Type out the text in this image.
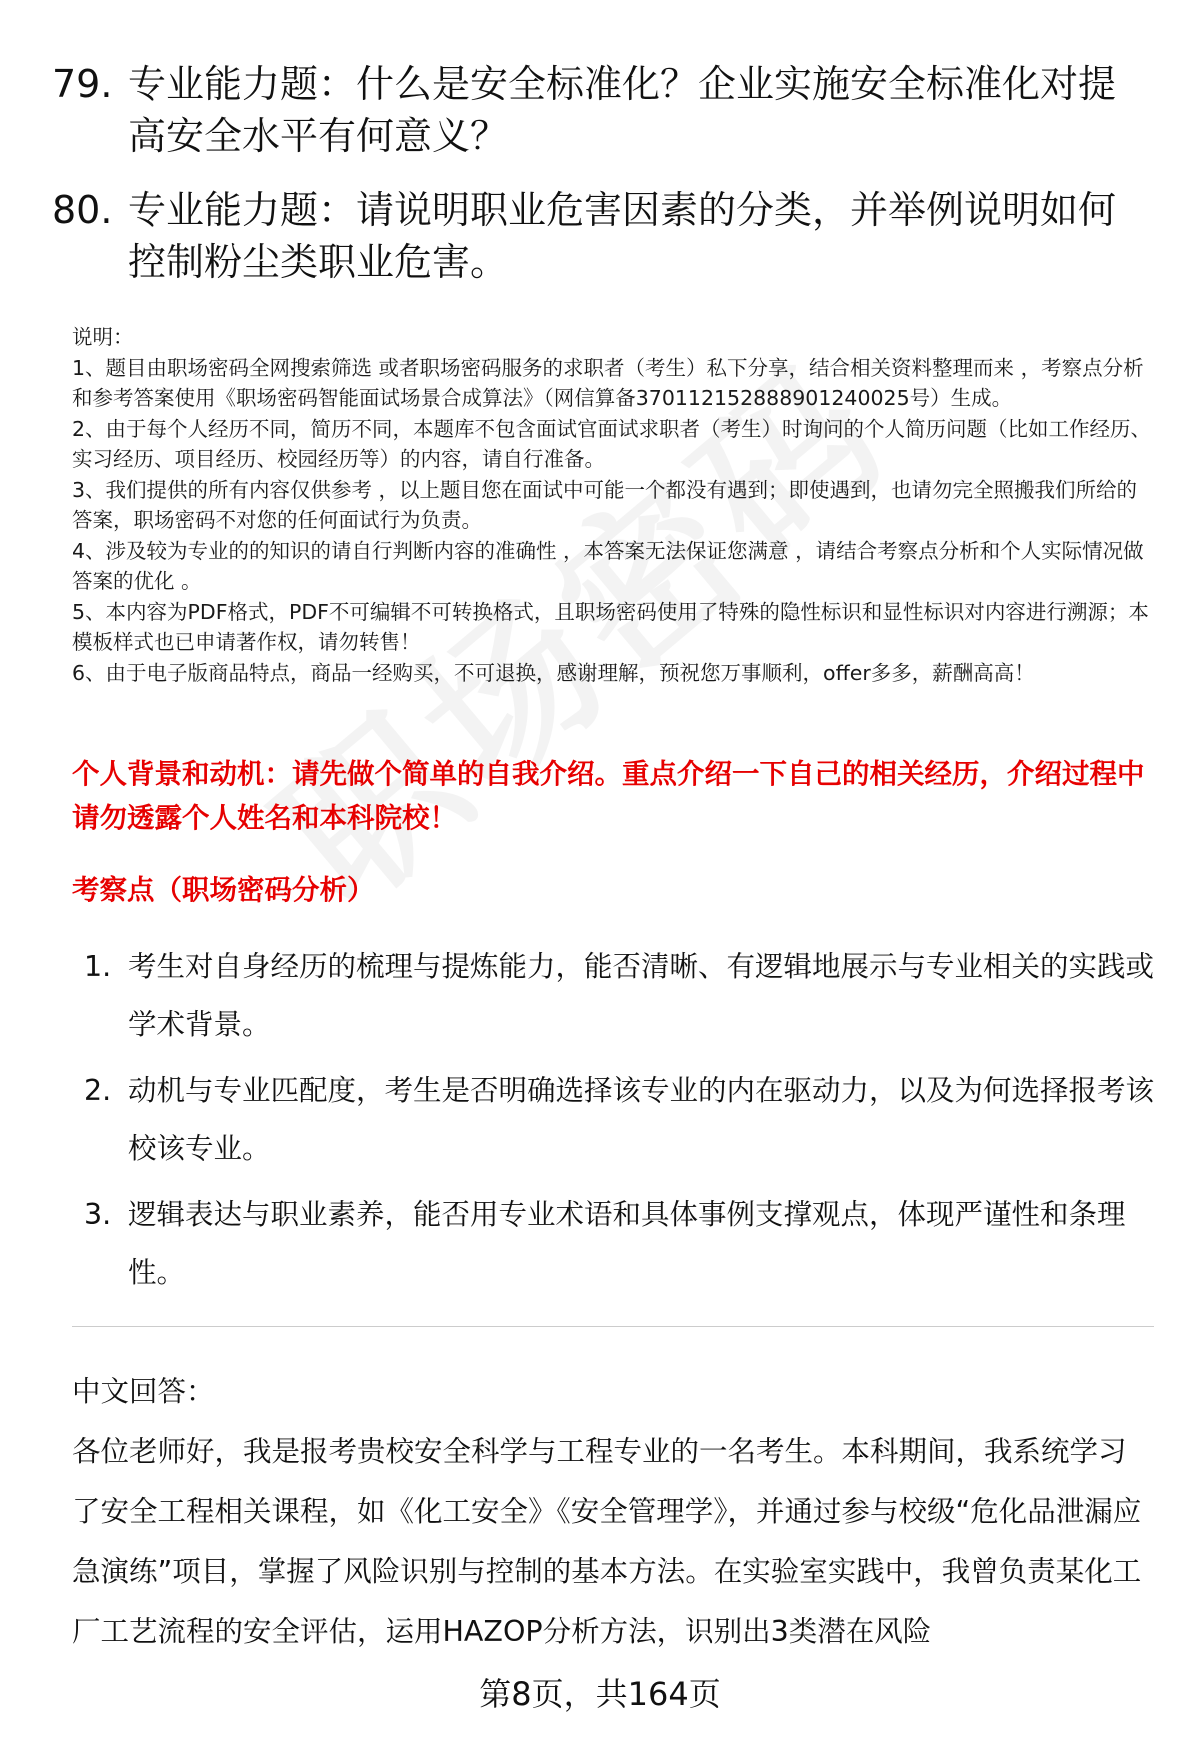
79. 专业能力题：什么是安全标准化？企业实施安全标准化对提高安全水平有何意义？
80. 专业能力题：请说明职业危害因素的分类，并举例说明如何控制粉尘类职业危害。

说明：

1、题目由职场密码全网搜索筛选 或者职场密码服务的求职者（考生）私下分享，结合相关资料整理而来 ，考察点分析和参考答案使用《职场密码智能面试场景合成算法》（网信算备370112152888901240025号）生成。

2、由于每个人经历不同，简历不同，本题库不包含面试官面试求职者（考生）时询问的个人简历问题（比如工作经历、实习经历、项目经历、校园经历等）的内容，请自行准备。

3、我们提供的所有内容仅供参考 ，以上题目您在面试中可能一个都没有遇到；即使遇到，也请勿完全照搬我们所给的答案，职场密码不对您的任何面试行为负责。

4、涉及较为专业的的知识的请自行判断内容的准确性 ，本答案无法保证您满意 ，请结合考察点分析和个人实际情况做答案的优化 。

5、本内容为PDF格式，PDF不可编辑不可转换格式，且职场密码使用了特殊的隐性标识和显性标识对内容进行溯源；本模板样式也已申请著作权，请勿转售！

6、由于电子版商品特点，商品一经购买，不可退换，感谢理解，预祝您万事顺利，offer多多，薪酬高高！

个人背景和动机：请先做个简单的自我介绍。重点介绍一下自己的相关经历，介绍过程中请勿透露个人姓名和本科院校！
考察点（职场密码分析）
1. 考生对自身经历的梳理与提炼能力，能否清晰、有逻辑地展示与专业相关的实践或学术背景。
2. 动机与专业匹配度，考生是否明确选择该专业的内在驱动力，以及为何选择报考该校该专业。
3. 逻辑表达与职业素养，能否用专业术语和具体事例支撑观点，体现严谨性和条理性。

中文回答：

各位老师好，我是报考贵校安全科学与工程专业的一名考生。本科期间，我系统学习了安全工程相关课程，如《化工安全》《安全管理学》，并通过参与校级“危化品泄漏应急演练”项目，掌握了风险识别与控制的基本方法。在实验室实践中，我曾负责某化工厂工艺流程的安全评估，运用HAZOP分析方法，识别出3类潜在风险

第8页，共164页
